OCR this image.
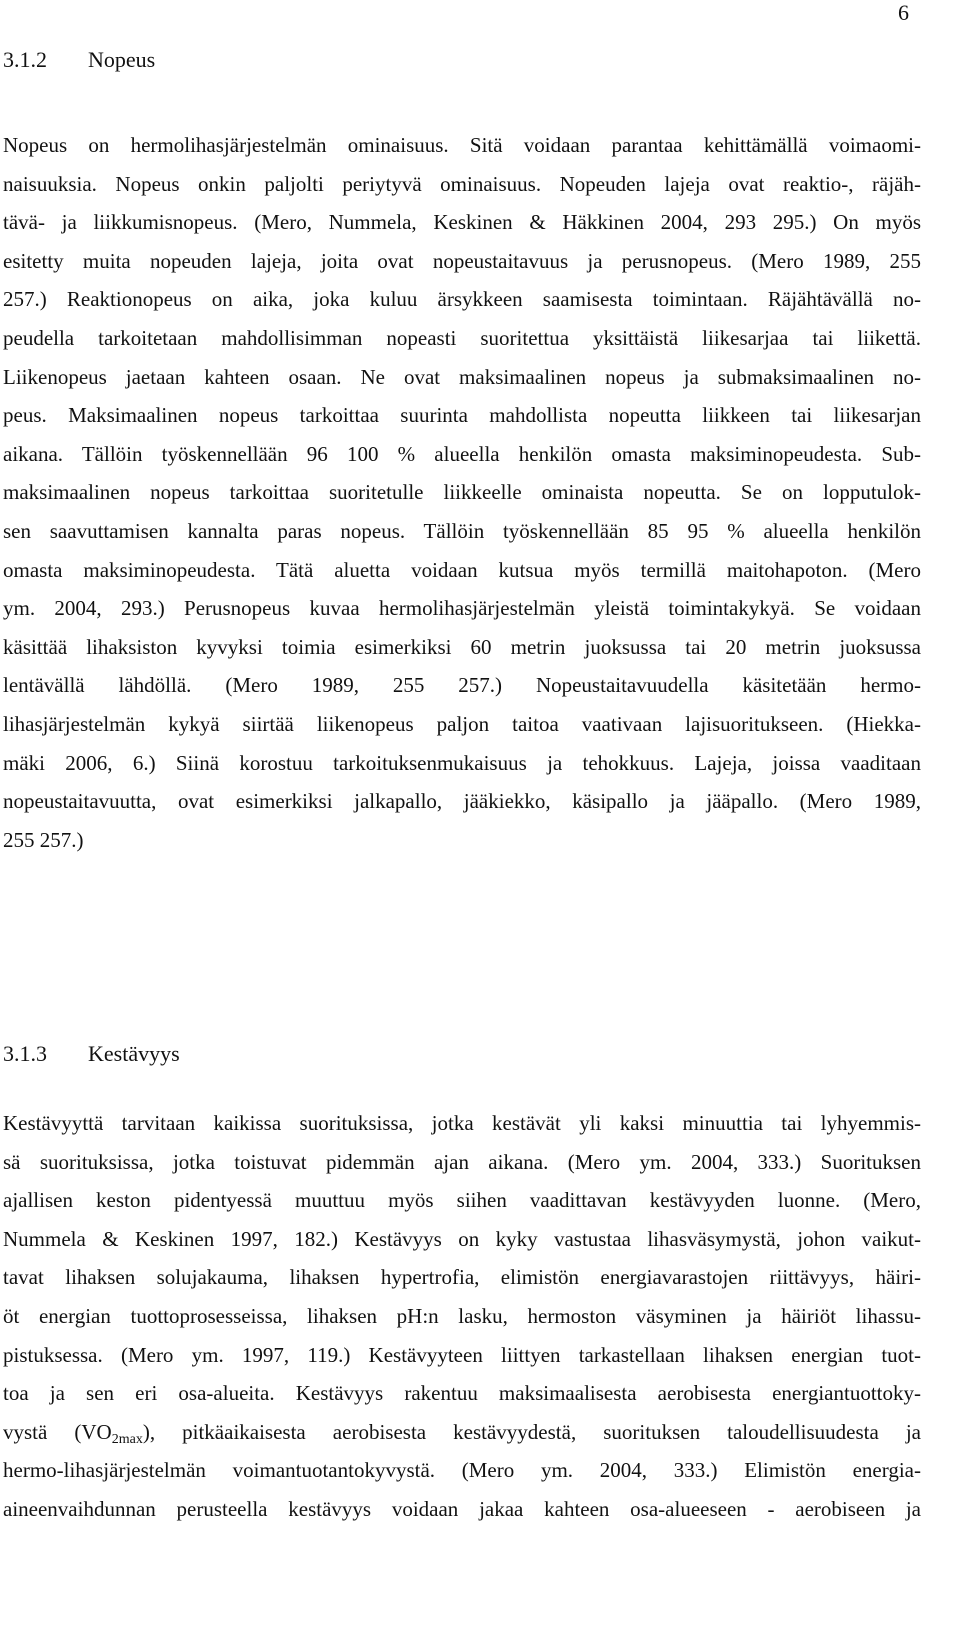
6
3.1.2 Nopeus
Nopeus on hermolihasjärjestelmän ominaisuus. Sitä voidaan parantaa kehittämällä voimaomi-
naisuuksia. Nopeus onkin paljolti periytyvä ominaisuus. Nopeuden lajeja ovat reaktio-, räjäh-
tävä- ja liikkumisnopeus. (Mero, Nummela, Keskinen & Häkkinen 2004, 293 295.) On myös
esitetty muita nopeuden lajeja, joita ovat nopeustaitavuus ja perusnopeus. (Mero 1989, 255
257.) Reaktionopeus on aika, joka kuluu ärsykkeen saamisesta toimintaan. Räjähtävällä no-
peudella tarkoitetaan mahdollisimman nopeasti suoritettua yksittäistä liikesarjaa tai liikettä.
Liikenopeus jaetaan kahteen osaan. Ne ovat maksimaalinen nopeus ja submaksimaalinen no-
peus. Maksimaalinen nopeus tarkoittaa suurinta mahdollista nopeutta liikkeen tai liikesarjan
aikana. Tällöin työskennellään 96 100 % alueella henkilön omasta maksiminopeudesta. Sub-
maksimaalinen nopeus tarkoittaa suoritetulle liikkeelle ominaista nopeutta. Se on lopputulok-
sen saavuttamisen kannalta paras nopeus. Tällöin työskennellään 85 95 % alueella henkilön
omasta maksiminopeudesta. Tätä aluetta voidaan kutsua myös termillä maitohapoton. (Mero
ym. 2004, 293.) Perusnopeus kuvaa hermolihasjärjestelmän yleistä toimintakykyä. Se voidaan
käsittää lihaksiston kyvyksi toimia esimerkiksi 60 metrin juoksussa tai 20 metrin juoksussa
lentävällä lähdöllä. (Mero 1989, 255 257.) Nopeustaitavuudella käsitetään hermo-
lihasjärjestelmän kykyä siirtää liikenopeus paljon taitoa vaativaan lajisuoritukseen. (Hiekka-
mäki 2006, 6.) Siinä korostuu tarkoituksenmukaisuus ja tehokkuus. Lajeja, joissa vaaditaan
nopeustaitavuutta, ovat esimerkiksi jalkapallo, jääkiekko, käsipallo ja jääpallo. (Mero 1989,
255 257.)
3.1.3 Kestävyys
Kestävyyttä tarvitaan kaikissa suorituksissa, jotka kestävät yli kaksi minuuttia tai lyhyemmis-
sä suorituksissa, jotka toistuvat pidemmän ajan aikana. (Mero ym. 2004, 333.) Suorituksen
ajallisen keston pidentyessä muuttuu myös siihen vaadittavan kestävyyden luonne. (Mero,
Nummela & Keskinen 1997, 182.) Kestävyys on kyky vastustaa lihasväsymystä, johon vaikut-
tavat lihaksen solujakauma, lihaksen hypertrofia, elimistön energiavarastojen riittävyys, häiri-
öt energian tuottoprosesseissa, lihaksen pH:n lasku, hermoston väsyminen ja häiriöt lihassu-
pistuksessa. (Mero ym. 1997, 119.) Kestävyyteen liittyen tarkastellaan lihaksen energian tuot-
toa ja sen eri osa-alueita. Kestävyys rakentuu maksimaalisesta aerobisesta energiantuottoky-
vystä $(VO_{2max})$, pitkäaikaisesta aerobisesta kestävyydestä, suorituksen taloudellisuudesta ja
hermo-lihasjärjestelmän voimantuotantokyvystä. (Mero ym. 2004, 333.) Elimistön energia-
aineenvaihdunnan perusteella kestävyys voidaan jakaa kahteen osa-alueeseen - aerobiseen ja
